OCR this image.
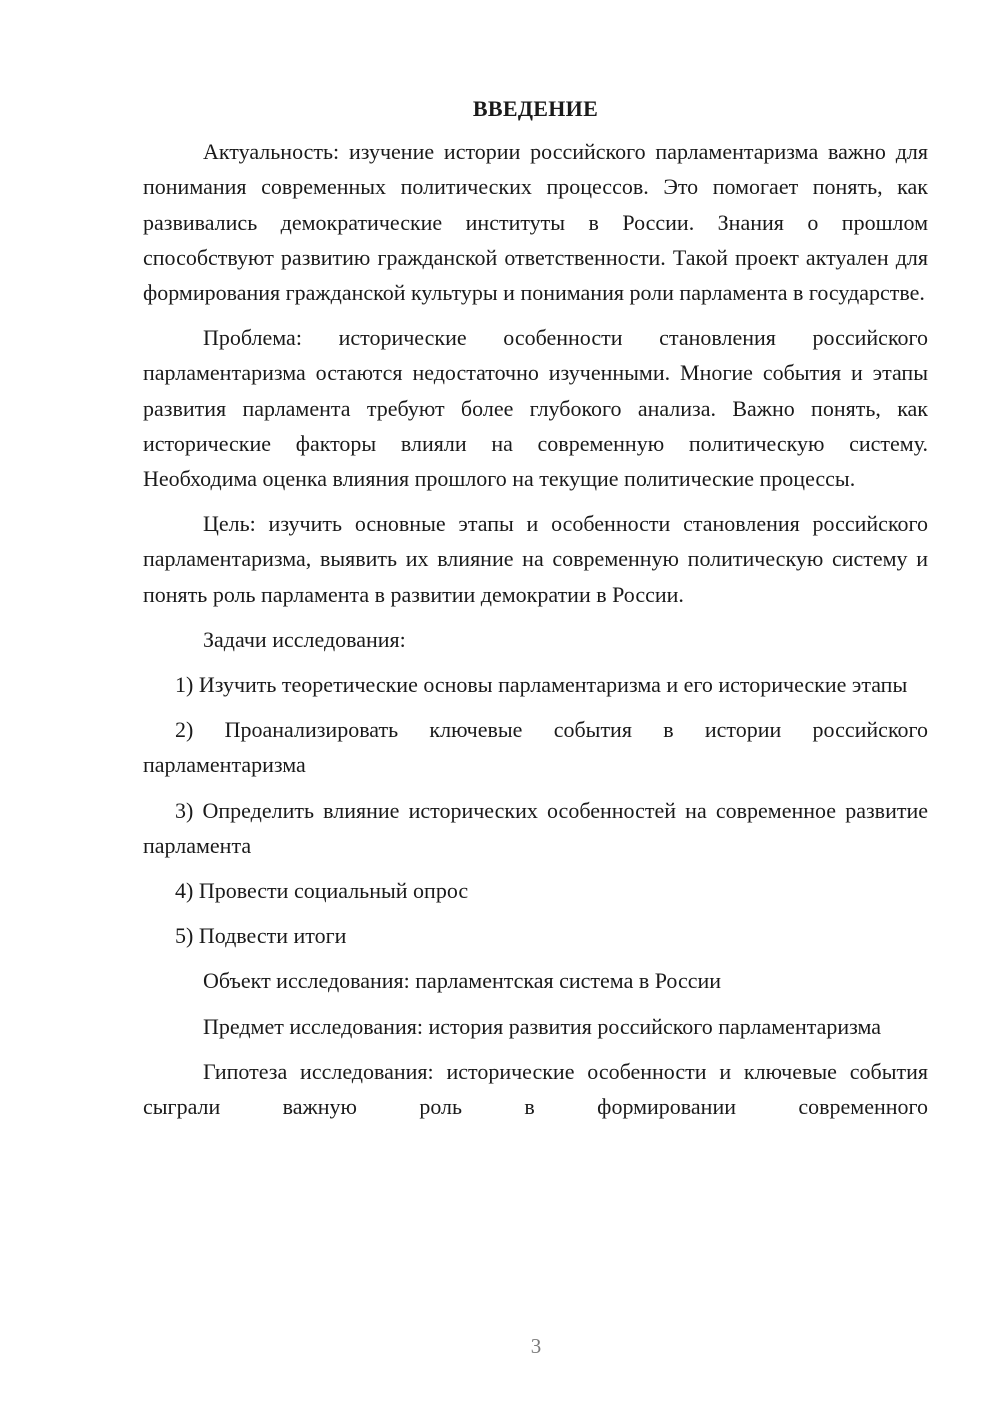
ВВЕДЕНИЕ

Актуальность: изучение истории российского парламентаризма важно для понимания современных политических процессов. Это помогает понять, как развивались демократические институты в России. Знания о прошлом способствуют развитию гражданской ответственности. Такой проект актуален для формирования гражданской культуры и понимания роли парламента в государстве.

Проблема: исторические особенности становления российского парламентаризма остаются недостаточно изученными. Многие события и этапы развития парламента требуют более глубокого анализа. Важно понять, как исторические факторы влияли на современную политическую систему. Необходима оценка влияния прошлого на текущие политические процессы.

Цель: изучить основные этапы и особенности становления российского парламентаризма, выявить их влияние на современную политическую систему и понять роль парламента в развитии демократии в России.

Задачи исследования:

1) Изучить теоретические основы парламентаризма и его исторические этапы

2) Проанализировать ключевые события в истории российского парламентаризма

3) Определить влияние исторических особенностей на современное развитие парламента

4) Провести социальный опрос

5) Подвести итоги

Объект исследования: парламентская система в России

Предмет исследования: история развития российского парламентаризма

Гипотеза исследования: исторические особенности и ключевые события сыграли важную роль в формировании современного

3
